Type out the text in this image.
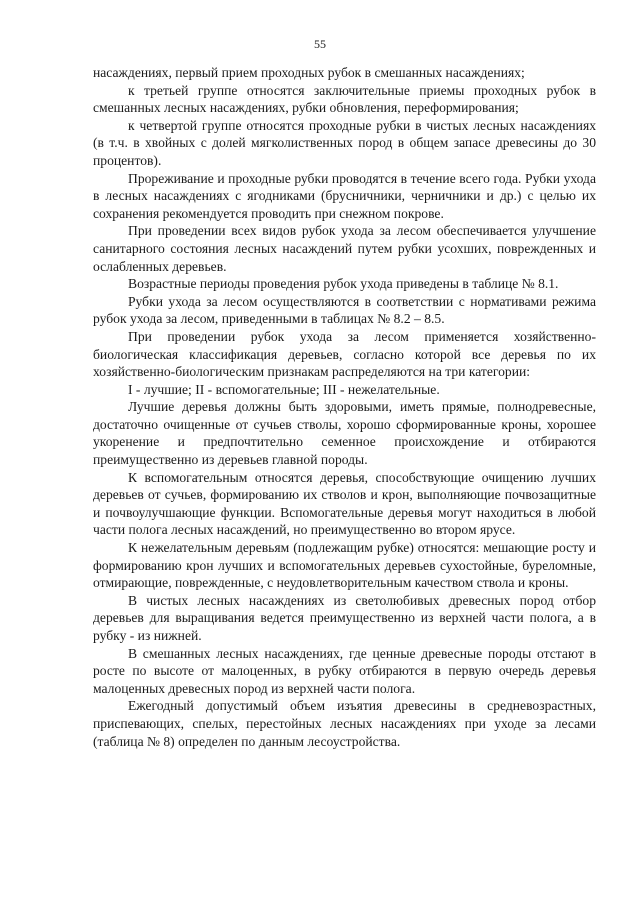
55

насаждениях, первый прием проходных рубок в смешанных насаждениях;

к третьей группе относятся заключительные приемы проходных рубок в смешанных лесных насаждениях, рубки обновления, переформирования;

к четвертой группе относятся проходные рубки в чистых лесных насаждениях (в т.ч. в хвойных с долей мягколиственных пород в общем запасе древесины до 30 процентов).

Прореживание и проходные рубки проводятся в течение всего года. Рубки ухода в лесных насаждениях с ягодниками (брусничники, черничники и др.) с целью их сохранения рекомендуется проводить при снежном покрове.

При проведении всех видов рубок ухода за лесом обеспечивается улучшение санитарного состояния лесных насаждений путем рубки усохших, поврежденных и ослабленных деревьев.

Возрастные периоды проведения рубок ухода приведены в таблице № 8.1.

Рубки ухода за лесом осуществляются в соответствии с нормативами режима рубок ухода за лесом, приведенными в таблицах № 8.2 – 8.5.

При проведении рубок ухода за лесом применяется хозяйственно-биологическая классификация деревьев, согласно которой все деревья по их хозяйственно-биологическим признакам распределяются на три категории:

I - лучшие; II - вспомогательные; III - нежелательные.

Лучшие деревья должны быть здоровыми, иметь прямые, полнодревесные, достаточно очищенные от сучьев стволы, хорошо сформированные кроны, хорошее укоренение и предпочтительно семенное происхождение и отбираются преимущественно из деревьев главной породы.

К вспомогательным относятся деревья, способствующие очищению лучших деревьев от сучьев, формированию их стволов и крон, выполняющие почвозащитные и почвоулучшающие функции. Вспомогательные деревья могут находиться в любой части полога лесных насаждений, но преимущественно во втором ярусе.

К нежелательным деревьям (подлежащим рубке) относятся: мешающие росту и формированию крон лучших и вспомогательных деревьев сухостойные, буреломные, отмирающие, поврежденные, с неудовлетворительным качеством ствола и кроны.

В чистых лесных насаждениях из светолюбивых древесных пород отбор деревьев для выращивания ведется преимущественно из верхней части полога, а в рубку - из нижней.

В смешанных лесных насаждениях, где ценные древесные породы отстают в росте по высоте от малоценных, в рубку отбираются в первую очередь деревья малоценных древесных пород из верхней части полога.

Ежегодный допустимый объем изъятия древесины в средневозрастных, приспевающих, спелых, перестойных лесных насаждениях при уходе за лесами (таблица № 8) определен по данным лесоустройства.
